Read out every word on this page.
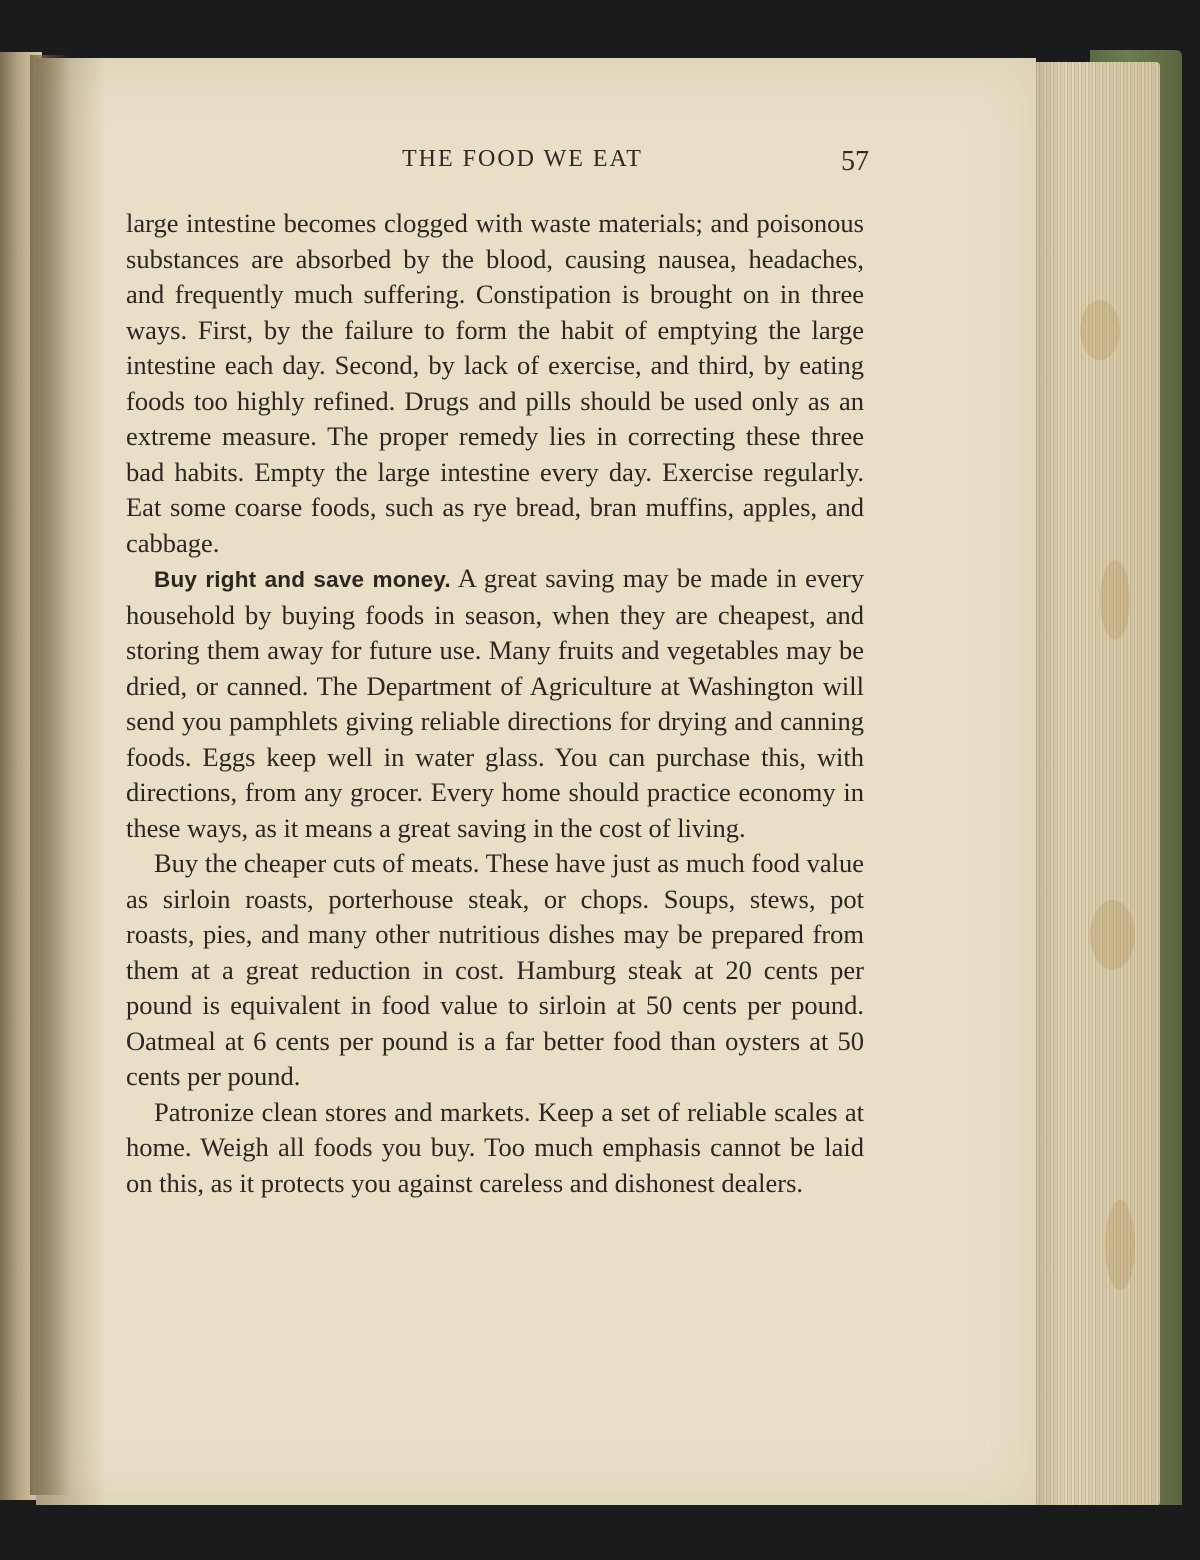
THE FOOD WE EAT	57

large intestine becomes clogged with waste materials; and poisonous substances are absorbed by the blood, causing nausea, headaches, and frequently much suffering. Constipation is brought on in three ways. First, by the failure to form the habit of emptying the large intestine each day. Second, by lack of exercise, and third, by eating foods too highly refined. Drugs and pills should be used only as an extreme measure. The proper remedy lies in correcting these three bad habits. Empty the large intestine every day. Exercise regularly. Eat some coarse foods, such as rye bread, bran muffins, apples, and cabbage.

Buy right and save money. A great saving may be made in every household by buying foods in season, when they are cheapest, and storing them away for future use. Many fruits and vegetables may be dried, or canned. The Department of Agriculture at Washington will send you pamphlets giving reliable directions for drying and canning foods. Eggs keep well in water glass. You can purchase this, with directions, from any grocer. Every home should practice economy in these ways, as it means a great saving in the cost of living.

Buy the cheaper cuts of meats. These have just as much food value as sirloin roasts, porterhouse steak, or chops. Soups, stews, pot roasts, pies, and many other nutritious dishes may be prepared from them at a great reduction in cost. Hamburg steak at 20 cents per pound is equivalent in food value to sirloin at 50 cents per pound. Oatmeal at 6 cents per pound is a far better food than oysters at 50 cents per pound.

Patronize clean stores and markets. Keep a set of reliable scales at home. Weigh all foods you buy. Too much emphasis cannot be laid on this, as it protects you against careless and dishonest dealers.
